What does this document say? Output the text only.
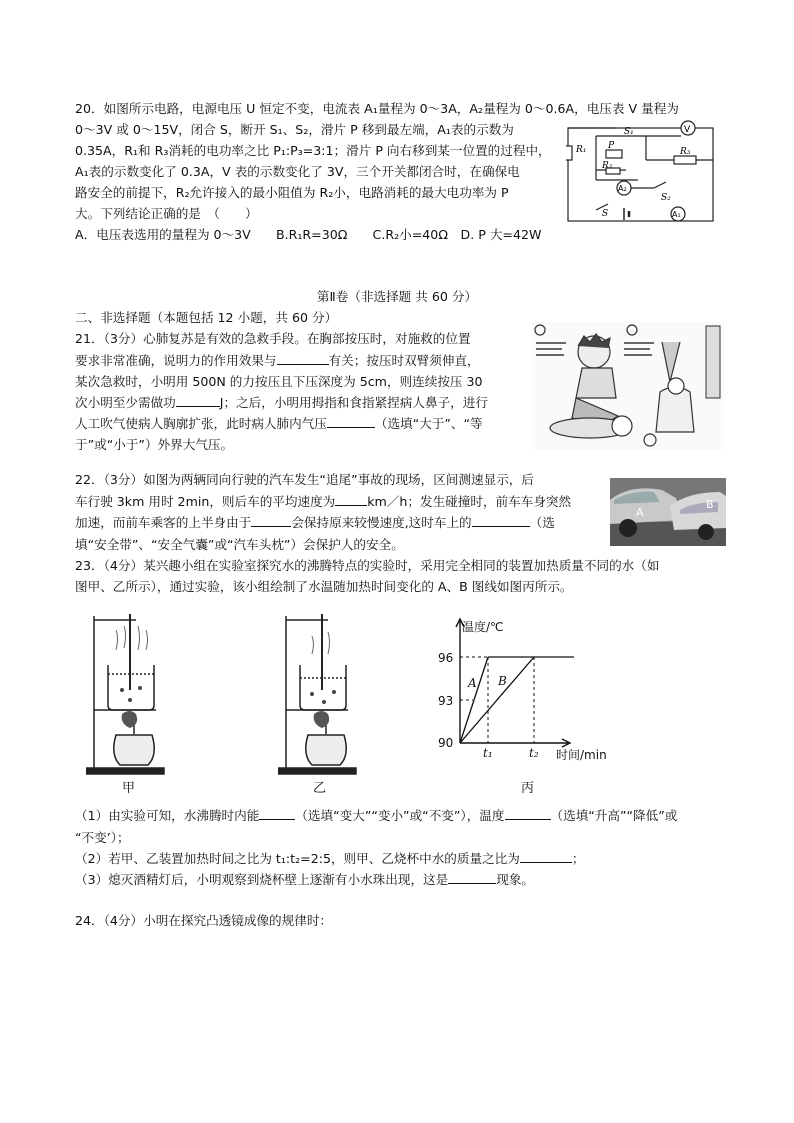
20．如图所示电路，电源电压 U 恒定不变，电流表 A₁量程为 0～3A，A₂量程为 0～0.6A，电压表 V 量程为
0～3V 或 0～15V，闭合 S，断开 S₁、S₂，滑片 P 移到最左端，A₁表的示数为
0.35A，R₁和 R₃消耗的电功率之比 P₁:P₃=3:1；滑片 P 向右移到某一位置的过程中，
A₁表的示数变化了 0.3A，V 表的示数变化了 3V，三个开关都闭合时，在确保电
路安全的前提下，R₂允许接入的最小阻值为 R₂小，电路消耗的最大电功率为 P
大。下列结论正确的是　（　　）
A．电压表选用的量程为 0～3V　　B.R₁R=30Ω　　C.R₂小=40Ω　D. P 大=42W
V
A₂
A₁
S₁
S₂
S
R₁	R₃
R₂
P
第Ⅱ卷（非选择题 共 60 分）
二、非选择题（本题包括 12 小题，共 60 分）
21．（3分）心肺复苏是有效的急救手段。在胸部按压时，对施救的位置
要求非常准确，说明力的作用效果与	有关；按压时双臂须伸直，
某次急救时，小明用 500N 的力按压且下压深度为 5cm，则连续按压 30
次小明至少需做功	J；之后，小明用拇指和食指紧捏病人鼻子，进行
人工吹气使病人胸廓扩张，此时病人肺内气压	（选填“大于”、“等
于”或“小于”）外界大气压。
22．（3分）如图为两辆同向行驶的汽车发生“追尾”事故的现场，区间测速显示，后
车行驶 3km 用时 2min，则后车的平均速度为	km／h；发生碰撞时，前车车身突然
加速，而前车乘客的上半身由于	会保持原来较慢速度,这时车上的	（选
填“安全带”、“安全气囊”或“汽车头枕”）会保护人的安全。
A
B
23．（4分）某兴趣小组在实验室探究水的沸腾特点的实验时，采用完全相同的装置加热质量不同的水（如
图甲、乙所示），通过实验，该小组绘制了水温随加热时间变化的 A、B 图线如图丙所示。
甲	乙
温度/℃
96
93
90
t₁	t₂ 时间/min
A B
丙
（1）由实验可知，水沸腾时内能	（选填“变大”“变小”或“不变”），温度	（选填“升高”“降低”或
“不变’）；
（2）若甲、乙装置加热时间之比为 t₁:t₂=2:5，则甲、乙烧杯中水的质量之比为	；
（3）熄灭酒精灯后，小明观察到烧杯壁上逐渐有小水珠出现，这是	现象。
24．（4分）小明在探究凸透镜成像的规律时：
